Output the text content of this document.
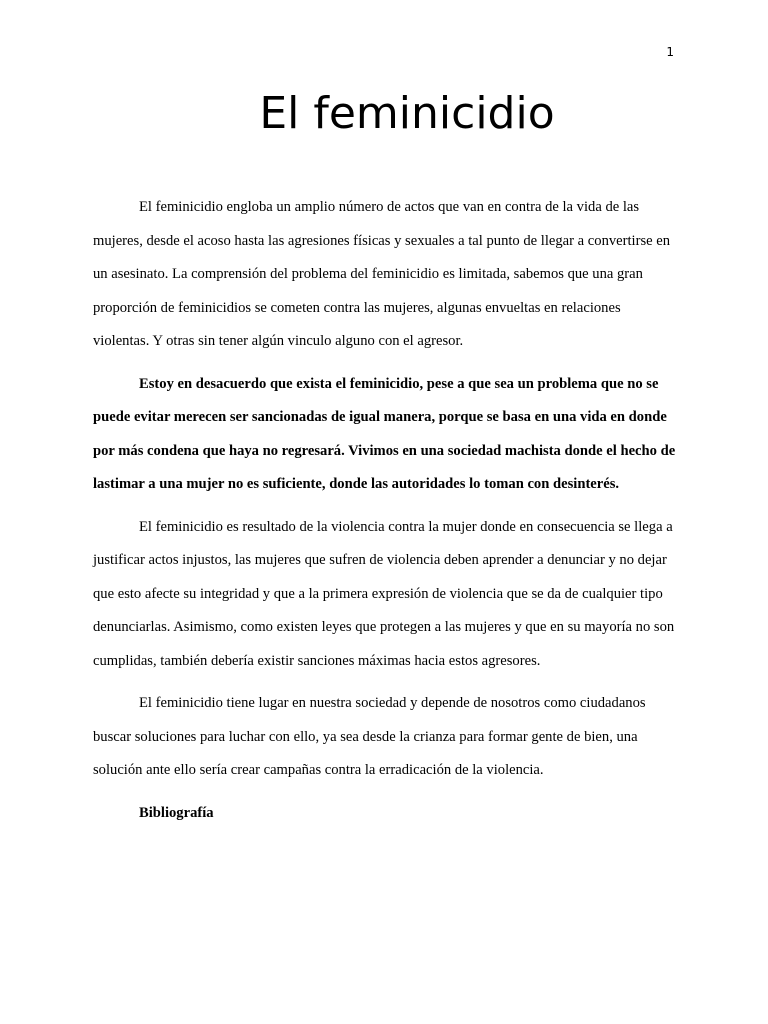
1
El feminicidio

El feminicidio engloba un amplio número de actos que van en contra de la vida de las mujeres, desde el acoso hasta las agresiones físicas y sexuales a tal punto de llegar a convertirse en un asesinato. La comprensión del problema del feminicidio es limitada, sabemos que una gran proporción de feminicidios se cometen contra las mujeres, algunas envueltas en relaciones violentas. Y otras sin tener algún vinculo alguno con el agresor.

Estoy en desacuerdo que exista el feminicidio, pese a que sea un problema que no se puede evitar merecen ser sancionadas de igual manera, porque se basa en una vida en donde por más condena que haya no regresará. Vivimos en una sociedad machista donde el hecho de lastimar a una mujer no es suficiente, donde las autoridades lo toman con desinterés.

El feminicidio es resultado de la violencia contra la mujer donde en consecuencia se llega a justificar actos injustos, las mujeres que sufren de violencia deben aprender a denunciar y no dejar que esto afecte su integridad y que a la primera expresión de violencia que se da de cualquier tipo denunciarlas. Asimismo, como existen leyes que protegen a las mujeres y que en su mayoría no son cumplidas, también debería existir sanciones máximas hacia estos agresores.

El feminicidio tiene lugar en nuestra sociedad y depende de nosotros como ciudadanos buscar soluciones para luchar con ello, ya sea desde la crianza para formar gente de bien, una solución ante ello sería crear campañas contra la erradicación de la violencia.

Bibliografía
